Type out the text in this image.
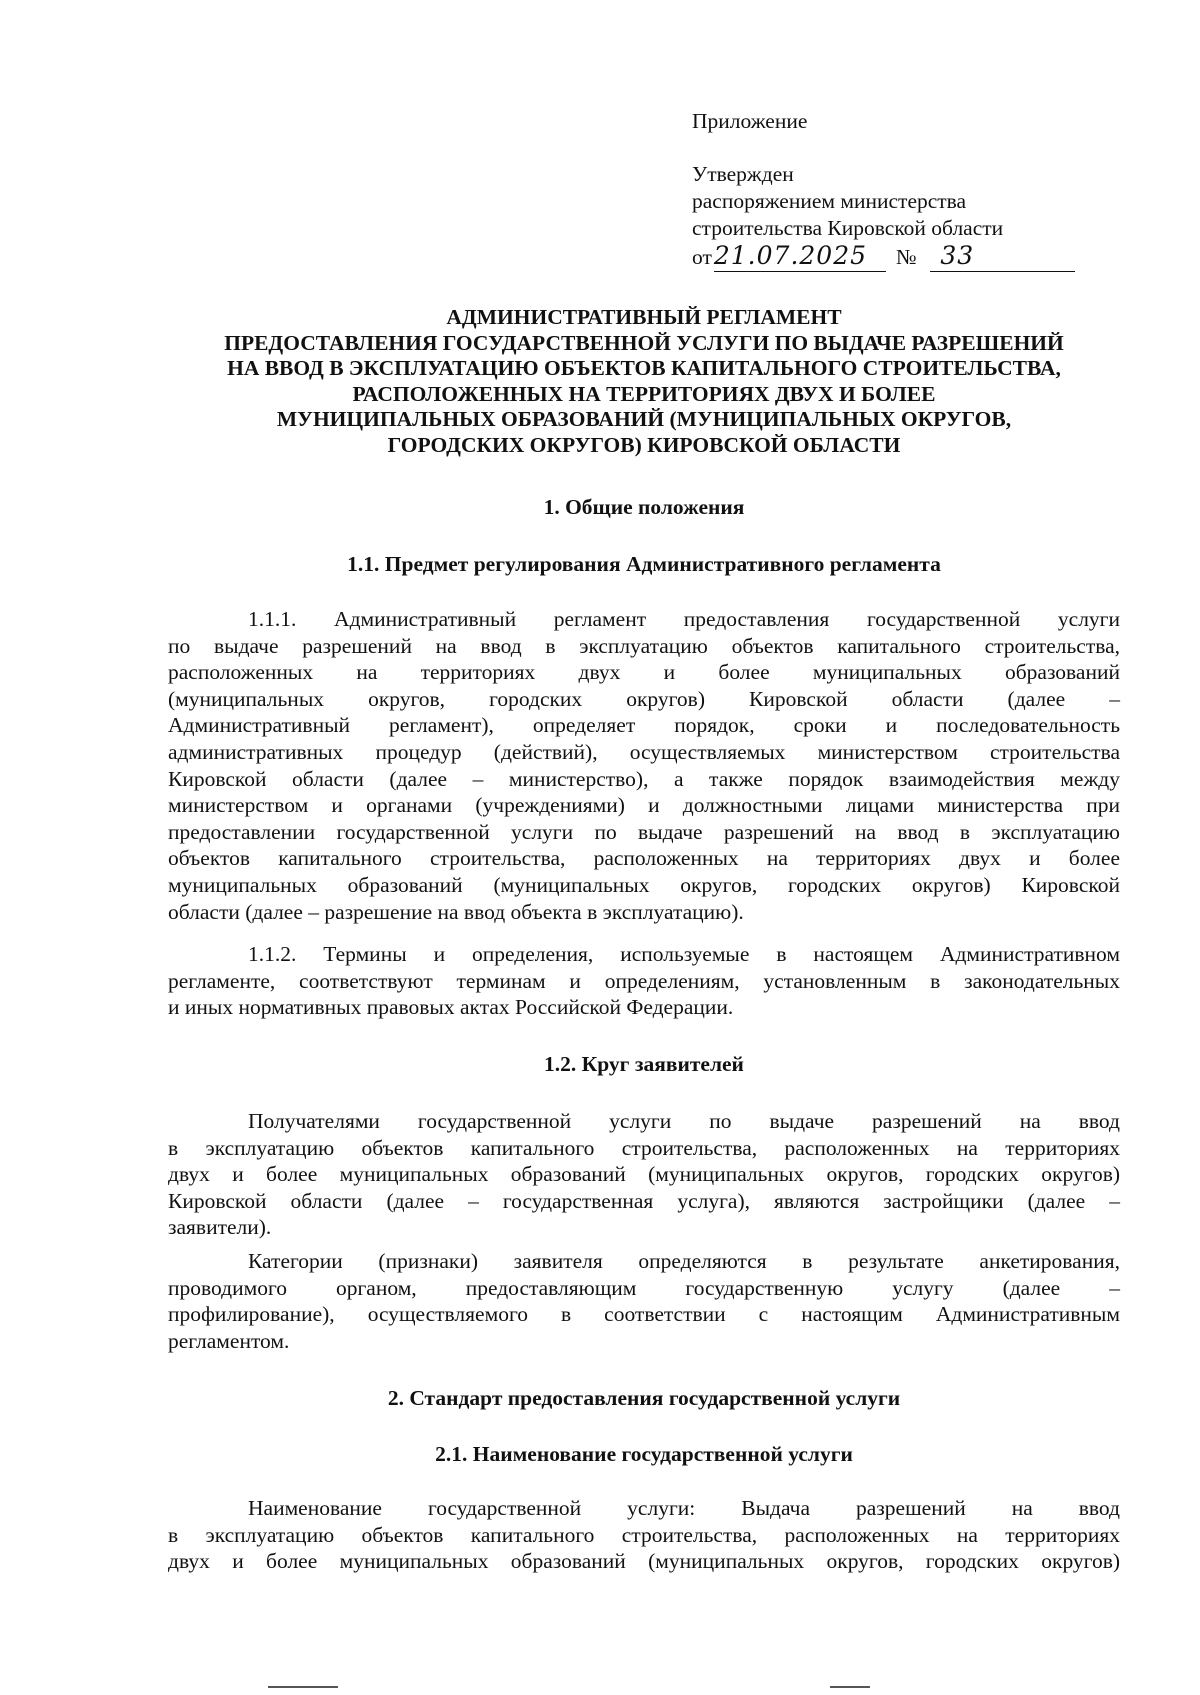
Приложение
Утвержден
распоряжением министерства
строительства Кировской области
от 21.07.2025	№ 33
АДМИНИСТРАТИВНЫЙ РЕГЛАМЕНТ
ПРЕДОСТАВЛЕНИЯ ГОСУДАРСТВЕННОЙ УСЛУГИ ПО ВЫДАЧЕ РАЗРЕШЕНИЙ
НА ВВОД В ЭКСПЛУАТАЦИЮ ОБЪЕКТОВ КАПИТАЛЬНОГО СТРОИТЕЛЬСТВА,
РАСПОЛОЖЕННЫХ НА ТЕРРИТОРИЯХ ДВУХ И БОЛЕЕ
МУНИЦИПАЛЬНЫХ ОБРАЗОВАНИЙ (МУНИЦИПАЛЬНЫХ ОКРУГОВ,
ГОРОДСКИХ ОКРУГОВ) КИРОВСКОЙ ОБЛАСТИ
1. Общие положения
1.1. Предмет регулирования Административного регламента
1.1.1. Административный регламент предоставления государственной услуги
по выдаче разрешений на ввод в эксплуатацию объектов капитального строительства,
расположенных на территориях двух и более муниципальных образований
(муниципальных округов, городских округов) Кировской области (далее –
Административный регламент), определяет порядок, сроки и последовательность
административных процедур (действий), осуществляемых министерством строительства
Кировской области (далее – министерство), а также порядок взаимодействия между
министерством и органами (учреждениями) и должностными лицами министерства при
предоставлении государственной услуги по выдаче разрешений на ввод в эксплуатацию
объектов капитального строительства, расположенных на территориях двух и более
муниципальных образований (муниципальных округов, городских округов) Кировской
области (далее – разрешение на ввод объекта в эксплуатацию).
1.1.2. Термины и определения, используемые в настоящем Административном
регламенте, соответствуют терминам и определениям, установленным в законодательных
и иных нормативных правовых актах Российской Федерации.
1.2. Круг заявителей
Получателями государственной услуги по выдаче разрешений на ввод
в эксплуатацию объектов капитального строительства, расположенных на территориях
двух и более муниципальных образований (муниципальных округов, городских округов)
Кировской области (далее – государственная услуга), являются застройщики (далее –
заявители).
Категории (признаки) заявителя определяются в результате анкетирования,
проводимого органом, предоставляющим государственную услугу (далее –
профилирование), осуществляемого в соответствии с настоящим Административным
регламентом.
2. Стандарт предоставления государственной услуги
2.1. Наименование государственной услуги
Наименование государственной услуги: Выдача разрешений на ввод
в эксплуатацию объектов капитального строительства, расположенных на территориях
двух и более муниципальных образований (муниципальных округов, городских округов)
